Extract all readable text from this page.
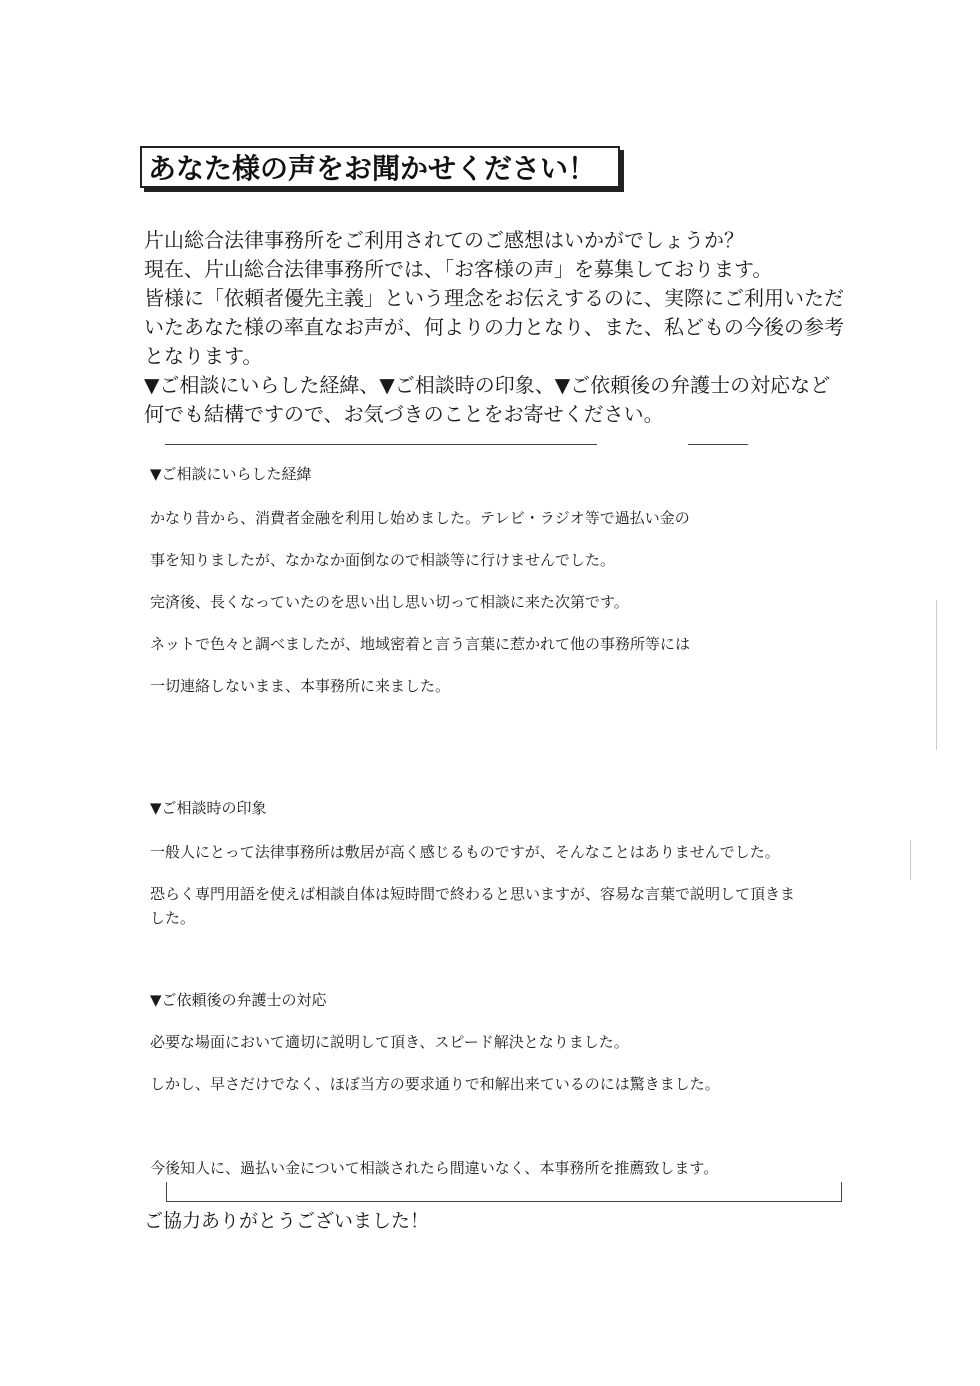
あなた様の声をお聞かせください！

片山総合法律事務所をご利用されてのご感想はいかがでしょうか？

現在、片山総合法律事務所では、「お客様の声」を募集しております。

皆様に「依頼者優先主義」という理念をお伝えするのに、実際にご利用いただ

いたあなた様の率直なお声が、何よりの力となり、また、私どもの今後の参考

となります。

▼ご相談にいらした経緯、▼ご相談時の印象、▼ご依頼後の弁護士の対応など

何でも結構ですので、お気づきのことをお寄せください。

▼ご相談にいらした経緯

かなり昔から、消費者金融を利用し始めました。テレビ・ラジオ等で過払い金の

事を知りましたが、なかなか面倒なので相談等に行けませんでした。

完済後、長くなっていたのを思い出し思い切って相談に来た次第です。

ネットで色々と調べましたが、地域密着と言う言葉に惹かれて他の事務所等には

一切連絡しないまま、本事務所に来ました。

▼ご相談時の印象

一般人にとって法律事務所は敷居が高く感じるものですが、そんなことはありませんでした。

恐らく専門用語を使えば相談自体は短時間で終わると思いますが、容易な言葉で説明して頂きま

した。

▼ご依頼後の弁護士の対応

必要な場面において適切に説明して頂き、スピード解決となりました。

しかし、早さだけでなく、ほぼ当方の要求通りで和解出来ているのには驚きました。

今後知人に、過払い金について相談されたら間違いなく、本事務所を推薦致します。

ご協力ありがとうございました！
